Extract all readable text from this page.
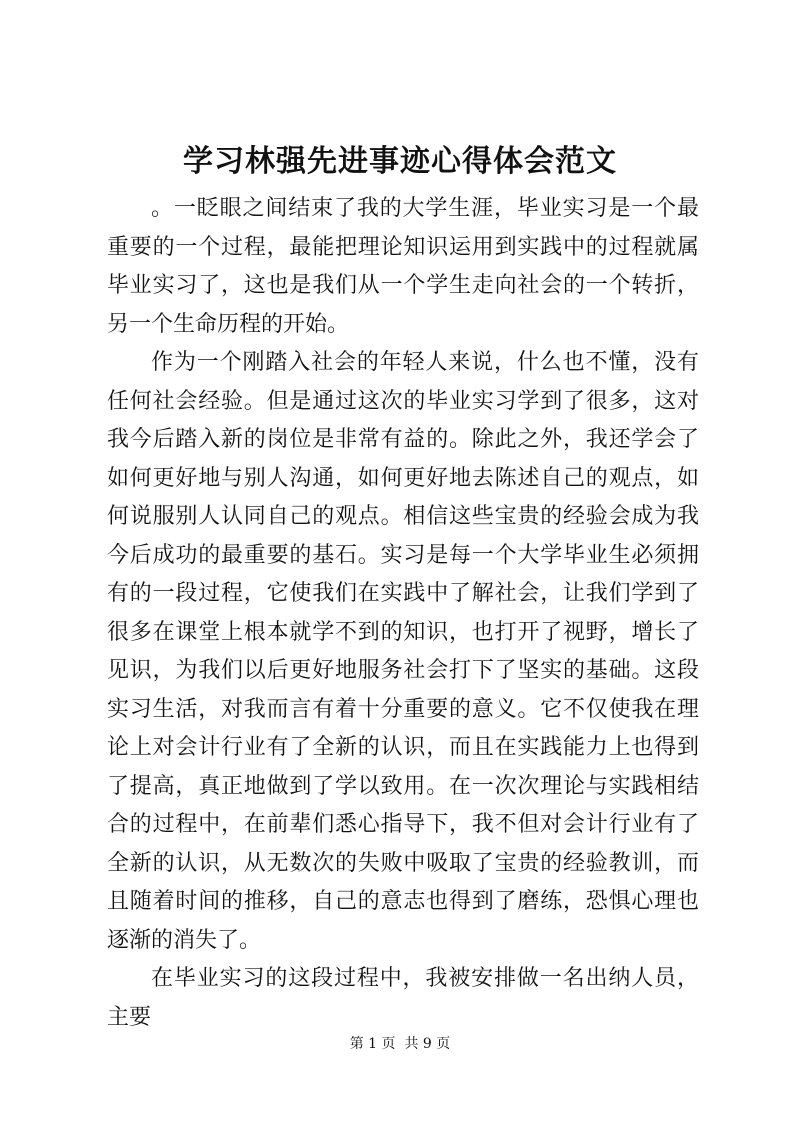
学习林强先进事迹心得体会范文

。一眨眼之间结束了我的大学生涯，毕业实习是一个最重要的一个过程，最能把理论知识运用到实践中的过程就属毕业实习了，这也是我们从一个学生走向社会的一个转折，另一个生命历程的开始。

作为一个刚踏入社会的年轻人来说，什么也不懂，没有任何社会经验。但是通过这次的毕业实习学到了很多，这对我今后踏入新的岗位是非常有益的。除此之外，我还学会了如何更好地与别人沟通，如何更好地去陈述自己的观点，如何说服别人认同自己的观点。相信这些宝贵的经验会成为我今后成功的最重要的基石。实习是每一个大学毕业生必须拥有的一段过程，它使我们在实践中了解社会，让我们学到了很多在课堂上根本就学不到的知识，也打开了视野，增长了见识，为我们以后更好地服务社会打下了坚实的基础。这段实习生活，对我而言有着十分重要的意义。它不仅使我在理论上对会计行业有了全新的认识，而且在实践能力上也得到了提高，真正地做到了学以致用。在一次次理论与实践相结合的过程中，在前辈们悉心指导下，我不但对会计行业有了全新的认识，从无数次的失败中吸取了宝贵的经验教训，而且随着时间的推移，自己的意志也得到了磨练，恐惧心理也逐渐的消失了。

在毕业实习的这段过程中，我被安排做一名出纳人员，主要

第 1 页 共 9 页
